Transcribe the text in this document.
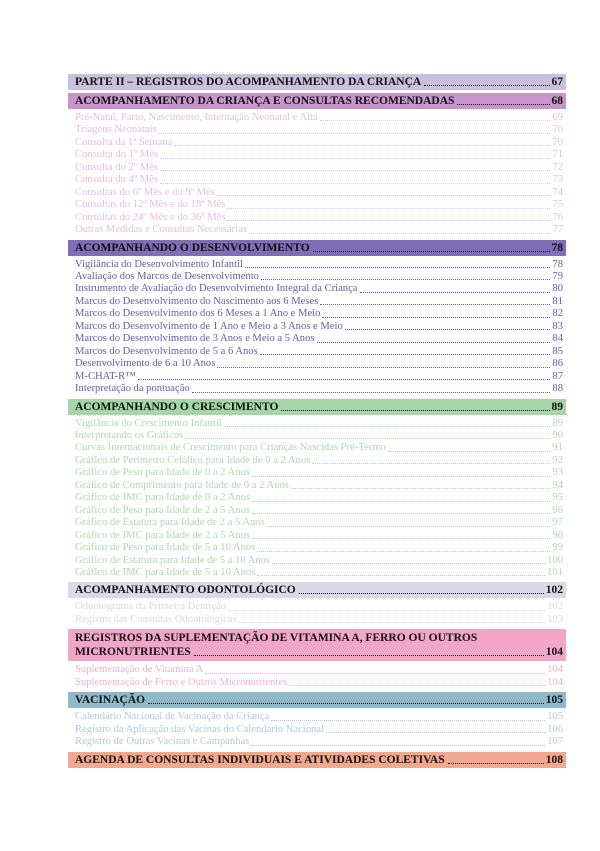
PARTE II – REGISTROS DO ACOMPANHAMENTO DA CRIANÇA	67
ACOMPANHAMENTO DA CRIANÇA E CONSULTAS RECOMENDADAS	68
Pré-Natal, Parto, Nascimento, Internação Neonatal e Alta	69
Triagens Neonatais	70
Consulta da 1ª Semana	70
Consulta do 1º Mês	71
Consulta do 2º Mês	72
Consulta do 4º Mês	73
Consultas do 6º Mês e do 9º Mês	74
Consultas do 12º Mês e do 18º Mês	75
Consultas do 24º Mês e do 36º Mês	76
Outras Medidas e Consultas Necessárias	77
ACOMPANHANDO O DESENVOLVIMENTO	78
Vigilância do Desenvolvimento Infantil	78
Avaliação dos Marcos de Desenvolvimento	79
Instrumento de Avaliação do Desenvolvimento Integral da Criança	80
Marcos do Desenvolvimento do Nascimento aos 6 Meses	81
Marcos do Desenvolvimento dos 6 Meses a 1 Ano e Meio	82
Marcos do Desenvolvimento de 1 Ano e Meio a 3 Anos e Meio	83
Marcos do Desenvolvimento de 3 Anos e Meio a 5 Anos	84
Marcos do Desenvolvimento de 5 a 6 Anos	85
Desenvolvimento de 6 a 10 Anos	86
M-CHAT-R™	87
Interpretação da pontuação	88
ACOMPANHANDO O CRESCIMENTO	89
Vigilância do Crescimento Infantil	89
Interpretando os Gráficos	90
Curvas Internacionais de Crescimento para Crianças Nascidas Pré-Termo	91
Gráfico de Perímetro Cefálico para Idade de 0 a 2 Anos	92
Gráfico de Peso para Idade de 0 a 2 Anos	93
Gráfico de Comprimento para Idade de 0 a 2 Anos	94
Gráfico de IMC para Idade de 0 a 2 Anos	95
Gráfico de Peso para Idade de 2 a 5 Anos	96
Gráfico de Estatura para Idade de 2 a 5 Anos	97
Gráfico de IMC para Idade de 2 a 5 Anos	98
Gráfico de Peso para Idade de 5 a 10 Anos	99
Gráfico de Estatura para Idade de 5 a 10 Anos	100
Gráfico de IMC para Idade de 5 a 10 Anos	101
ACOMPANHAMENTO ODONTOLÓGICO	102
Odontograma da Primeira Dentição	102
Registro das Consultas Odontológicas	103
REGISTROS DA SUPLEMENTAÇÃO DE VITAMINA A, FERRO OU OUTROS
MICRONUTRIENTES	104
Suplementação de Vitamina A	104
Suplementação de Ferro e Outros Micronutrientes	104
VACINAÇÃO	105
Calendário Nacional de Vacinação da Criança	105
Registro da Aplicação das Vacinas do Calendário Nacional	106
Registro de Outras Vacinas e Campanhas	107
AGENDA DE CONSULTAS INDIVIDUAIS E ATIVIDADES COLETIVAS	108
